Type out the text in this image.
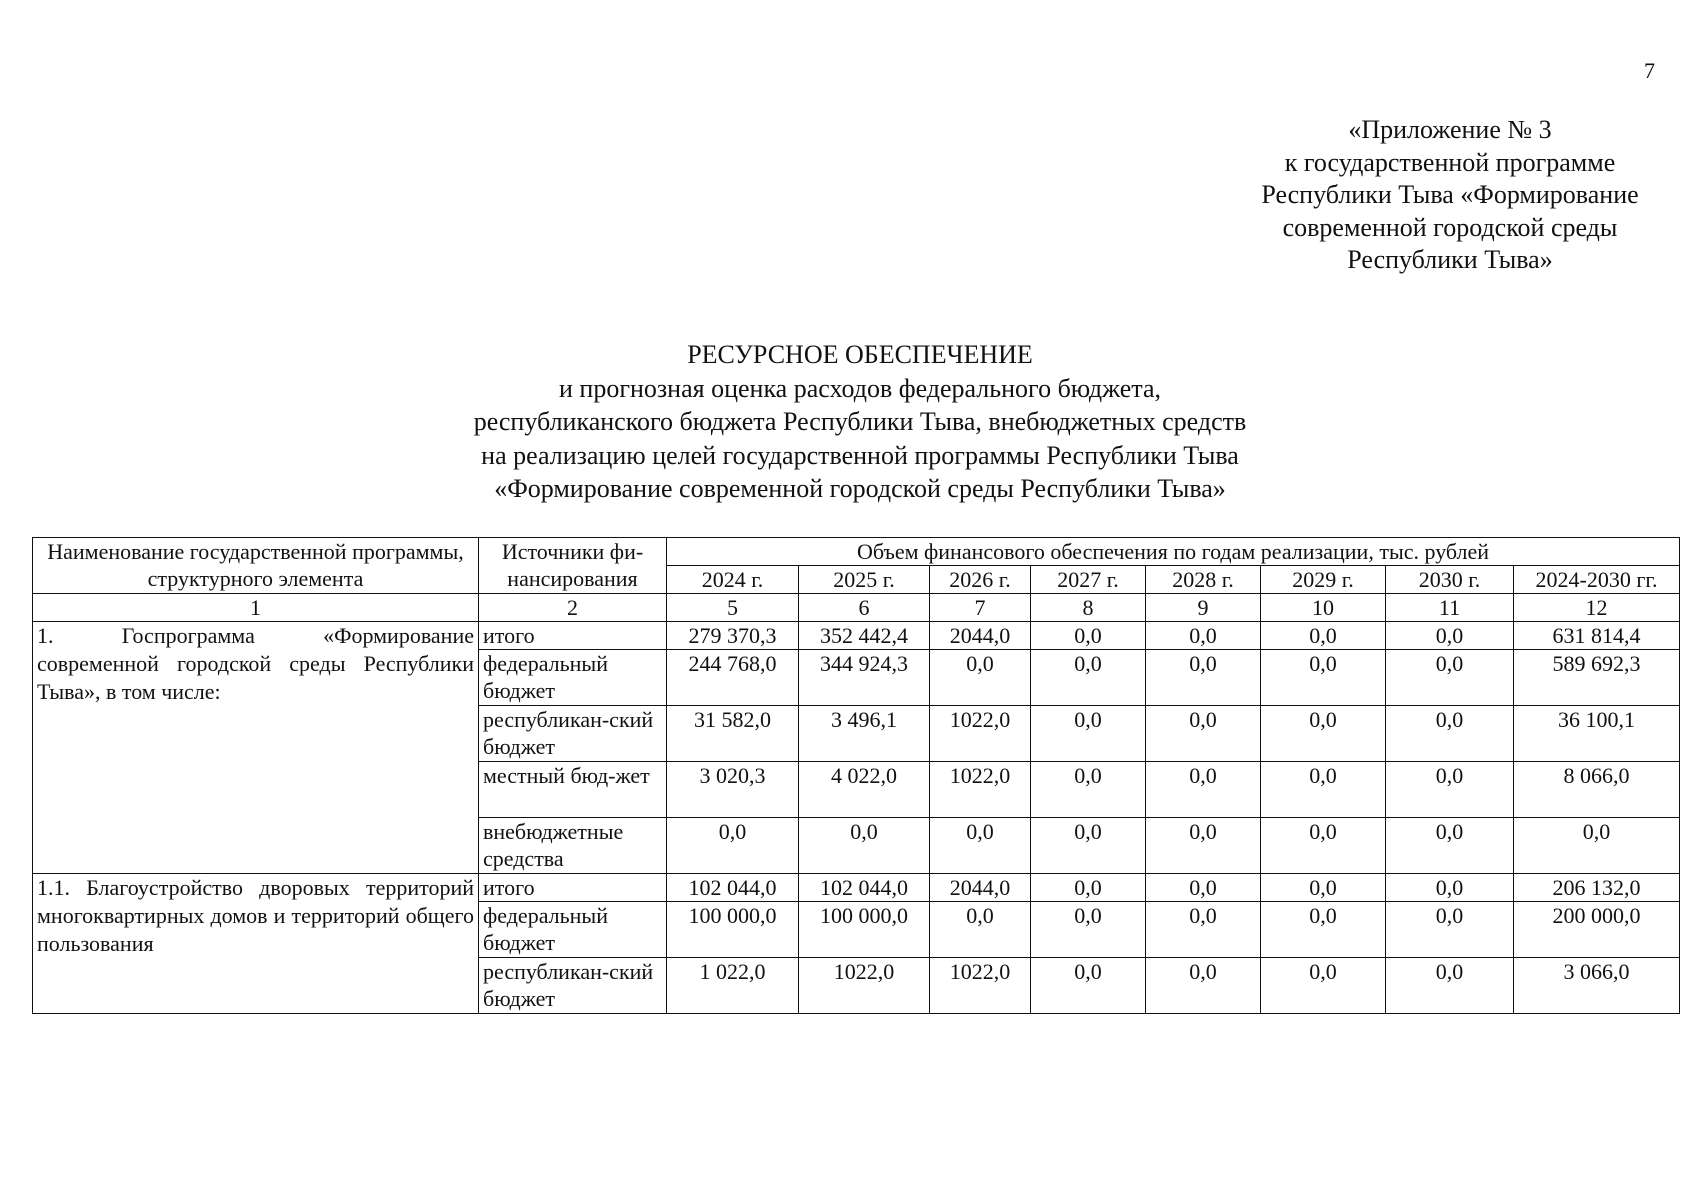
7
«Приложение № 3
к государственной программе
Республики Тыва «Формирование
современной городской среды
Республики Тыва»
РЕСУРСНОЕ ОБЕСПЕЧЕНИЕ
и прогнозная оценка расходов федерального бюджета,
республиканского бюджета Республики Тыва, внебюджетных средств
на реализацию целей государственной программы Республики Тыва
«Формирование современной городской среды Республики Тыва»
Наименование государственной программы, структурного элемента	Источники фи-нансирования	Объем финансового обеспечения по годам реализации, тыс. рублей							
		2024 г.	2025 г.	2026 г.	2027 г.	2028 г.	2029 г.	2030 г.	2024-2030 гг.
1	2	5	6	7	8	9	10	11	12
1. Госпрограмма «Формирование современной городской среды Республики Тыва», в том числе:	итого	279 370,3	352 442,4	2044,0	0,0	0,0	0,0	0,0	631 814,4
	федеральный бюджет	244 768,0	344 924,3	0,0	0,0	0,0	0,0	0,0	589 692,3
	республикан-ский бюджет	31 582,0	3 496,1	1022,0	0,0	0,0	0,0	0,0	36 100,1
	местный бюд-жет	3 020,3	4 022,0	1022,0	0,0	0,0	0,0	0,0	8 066,0
	внебюджетные средства	0,0	0,0	0,0	0,0	0,0	0,0	0,0	0,0
1.1. Благоустройство дворовых территорий многоквартирных домов и территорий общего пользования	итого	102 044,0	102 044,0	2044,0	0,0	0,0	0,0	0,0	206 132,0
	федеральный бюджет	100 000,0	100 000,0	0,0	0,0	0,0	0,0	0,0	200 000,0
	республикан-ский бюджет	1 022,0	1022,0	1022,0	0,0	0,0	0,0	0,0	3 066,0
